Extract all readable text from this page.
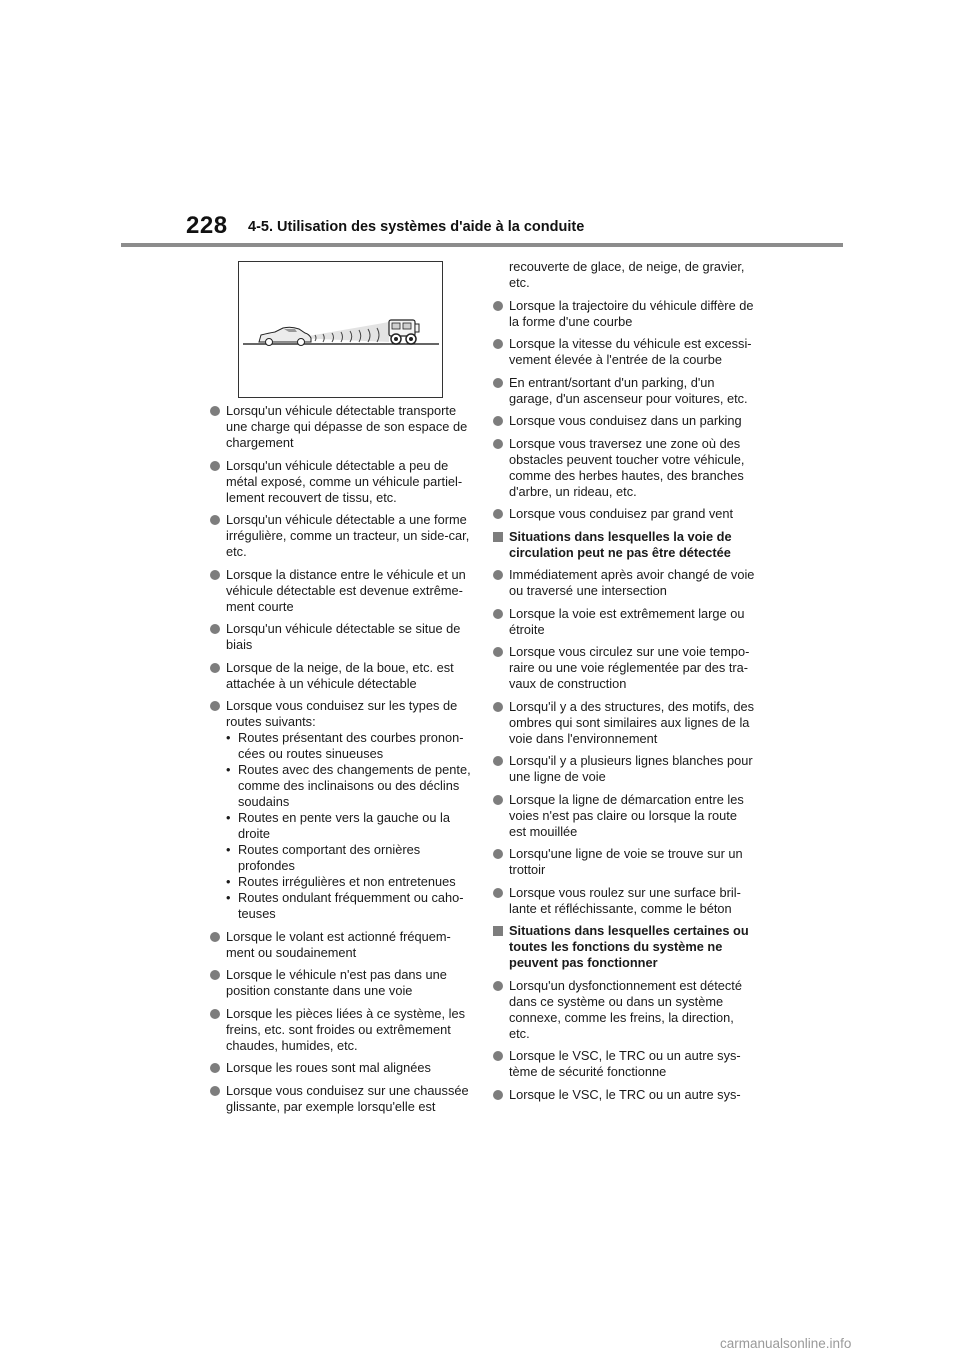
228 4-5. Utilisation des systèmes d'aide à la conduite
Lorsqu'un véhicule détectable transporte une charge qui dépasse de son espace de chargement
Lorsqu'un véhicule détectable a peu de métal exposé, comme un véhicule partiel-lement recouvert de tissu, etc.
Lorsqu'un véhicule détectable a une forme irrégulière, comme un tracteur, un side-car, etc.
Lorsque la distance entre le véhicule et un véhicule détectable est devenue extrême-ment courte
Lorsqu'un véhicule détectable se situe de biais
Lorsque de la neige, de la boue, etc. est attachée à un véhicule détectable
Lorsque vous conduisez sur les types de routes suivants:
• Routes présentant des courbes pronon-cées ou routes sinueuses
• Routes avec des changements de pente, comme des inclinaisons ou des déclins soudains
• Routes en pente vers la gauche ou la droite
• Routes comportant des ornières profondes
• Routes irrégulières et non entretenues
• Routes ondulant fréquemment ou caho-teuses
Lorsque le volant est actionné fréquem-ment ou soudainement
Lorsque le véhicule n'est pas dans une position constante dans une voie
Lorsque les pièces liées à ce système, les freins, etc. sont froides ou extrêmement chaudes, humides, etc.
Lorsque les roues sont mal alignées
Lorsque vous conduisez sur une chaussée glissante, par exemple lorsqu'elle est
recouverte de glace, de neige, de gravier, etc.
Lorsque la trajectoire du véhicule diffère de la forme d'une courbe
Lorsque la vitesse du véhicule est excessi-vement élevée à l'entrée de la courbe
En entrant/sortant d'un parking, d'un garage, d'un ascenseur pour voitures, etc.
Lorsque vous conduisez dans un parking
Lorsque vous traversez une zone où des obstacles peuvent toucher votre véhicule, comme des herbes hautes, des branches d'arbre, un rideau, etc.
Lorsque vous conduisez par grand vent
Situations dans lesquelles la voie de circulation peut ne pas être détectée
Immédiatement après avoir changé de voie ou traversé une intersection
Lorsque la voie est extrêmement large ou étroite
Lorsque vous circulez sur une voie tempo-raire ou une voie réglementée par des tra-vaux de construction
Lorsqu'il y a des structures, des motifs, des ombres qui sont similaires aux lignes de la voie dans l'environnement
Lorsqu'il y a plusieurs lignes blanches pour une ligne de voie
Lorsque la ligne de démarcation entre les voies n'est pas claire ou lorsque la route est mouillée
Lorsqu'une ligne de voie se trouve sur un trottoir
Lorsque vous roulez sur une surface bril-lante et réfléchissante, comme le béton
Situations dans lesquelles certaines ou toutes les fonctions du système ne peuvent pas fonctionner
Lorsqu'un dysfonctionnement est détecté dans ce système ou dans un système connexe, comme les freins, la direction, etc.
Lorsque le VSC, le TRC ou un autre sys-tème de sécurité fonctionne
Lorsque le VSC, le TRC ou un autre sys-
carmanualsonline.info
